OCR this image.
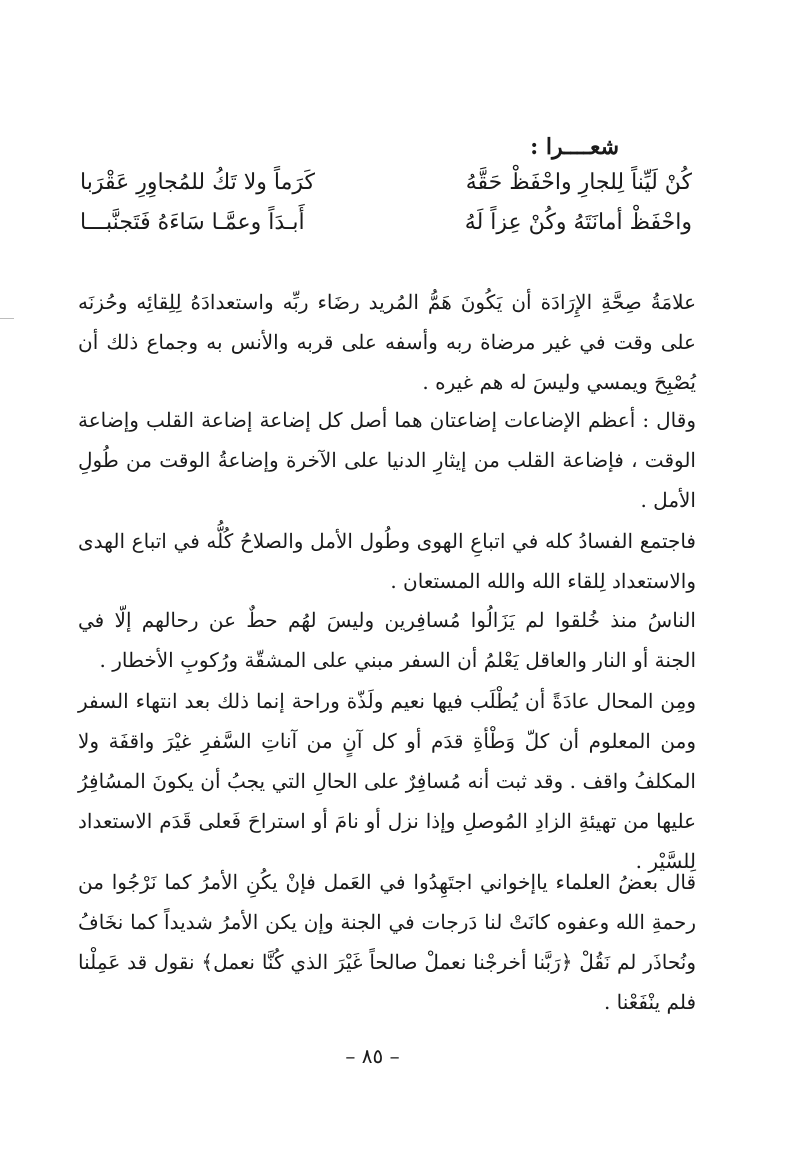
شعــــرا :
كُنْ لَيِّناً لِلجارِ واحْفَظْ حَقَّهُ
كَرَماً ولا تَكُ للمُجاوِرِ عَقْرَبا
واحْفَظْ أمانَتَهُ وكُنْ عِزاً لَهُ
أَبـدَاً وعمَّـا سَاءَهُ فَتَجنَّبـــا

علامَةُ صِحَّةِ الإِرَادَة أن يَكُونَ هَمُّ المُريد رضَاء ربِّه واستعدادَهُ لِلِقائِه وحُزنَه على وقت في غير مرضاة ربه وأسفه على قربه والأنس به وجماع ذلك أن يُصْبِحَ ويمسي وليسَ له هم غيره .

وقال : أعظم الإضاعات إضاعتان هما أصل كل إضاعة إضاعة القلب وإضاعة الوقت ، فإضاعة القلب من إيثارِ الدنيا على الآخرة وإضاعةُ الوقت من طُولِ الأمل .

فاجتمع الفسادُ كله في اتباعِ الهوى وطُول الأمل والصلاحُ كُلُّه في اتباع الهدى والاستعداد لِلقاء الله والله المستعان .

الناسُ منذ خُلقوا لم يَزَالُوا مُسافِرين وليسَ لهُم حطٌ عن رحالهم إلّا في الجنة أو النار والعاقل يَعْلمُ أن السفر مبني على المشقّة ورُكوبِ الأخطار .

ومِن المحال عادَةً أن يُطْلَب فيها نعيم ولَذّة وراحة إنما ذلك بعد انتهاء السفر ومن المعلوم أن كلّ وَطْأةِ قدَم أو كل آنٍ من آناتِ السَّفرِ غيْرَ واقفَة ولا المكلفُ واقف . وقد ثبت أنه مُسافِرٌ على الحالِ التي يجبُ أن يكونَ المسُافِرُ عليها من تهيئةِ الزادِ المُوصلِ وإذا نزل أو نامَ أو استراحَ فَعلى قَدَم الاستعداد لِلسَّيْر .

قال بعضُ العلماء ياإخواني اجتَهِدُوا في العَمل فإنْ يكُنِ الأمرُ كما نَرْجُوا من رحمةِ الله وعفوه كانَتْ لنا دَرجات في الجنة وإن يكن الأمرُ شديداً كما نخَافُ ونُحاذَر لم نَقُلْ ﴿رَبَّنا أخرجْنا نعملْ صالحاً غَيْرَ الذي كُنَّا نعمل﴾ نقول قد عَمِلْنا فلم ينْفَعْنا .

– ٨٥ –
